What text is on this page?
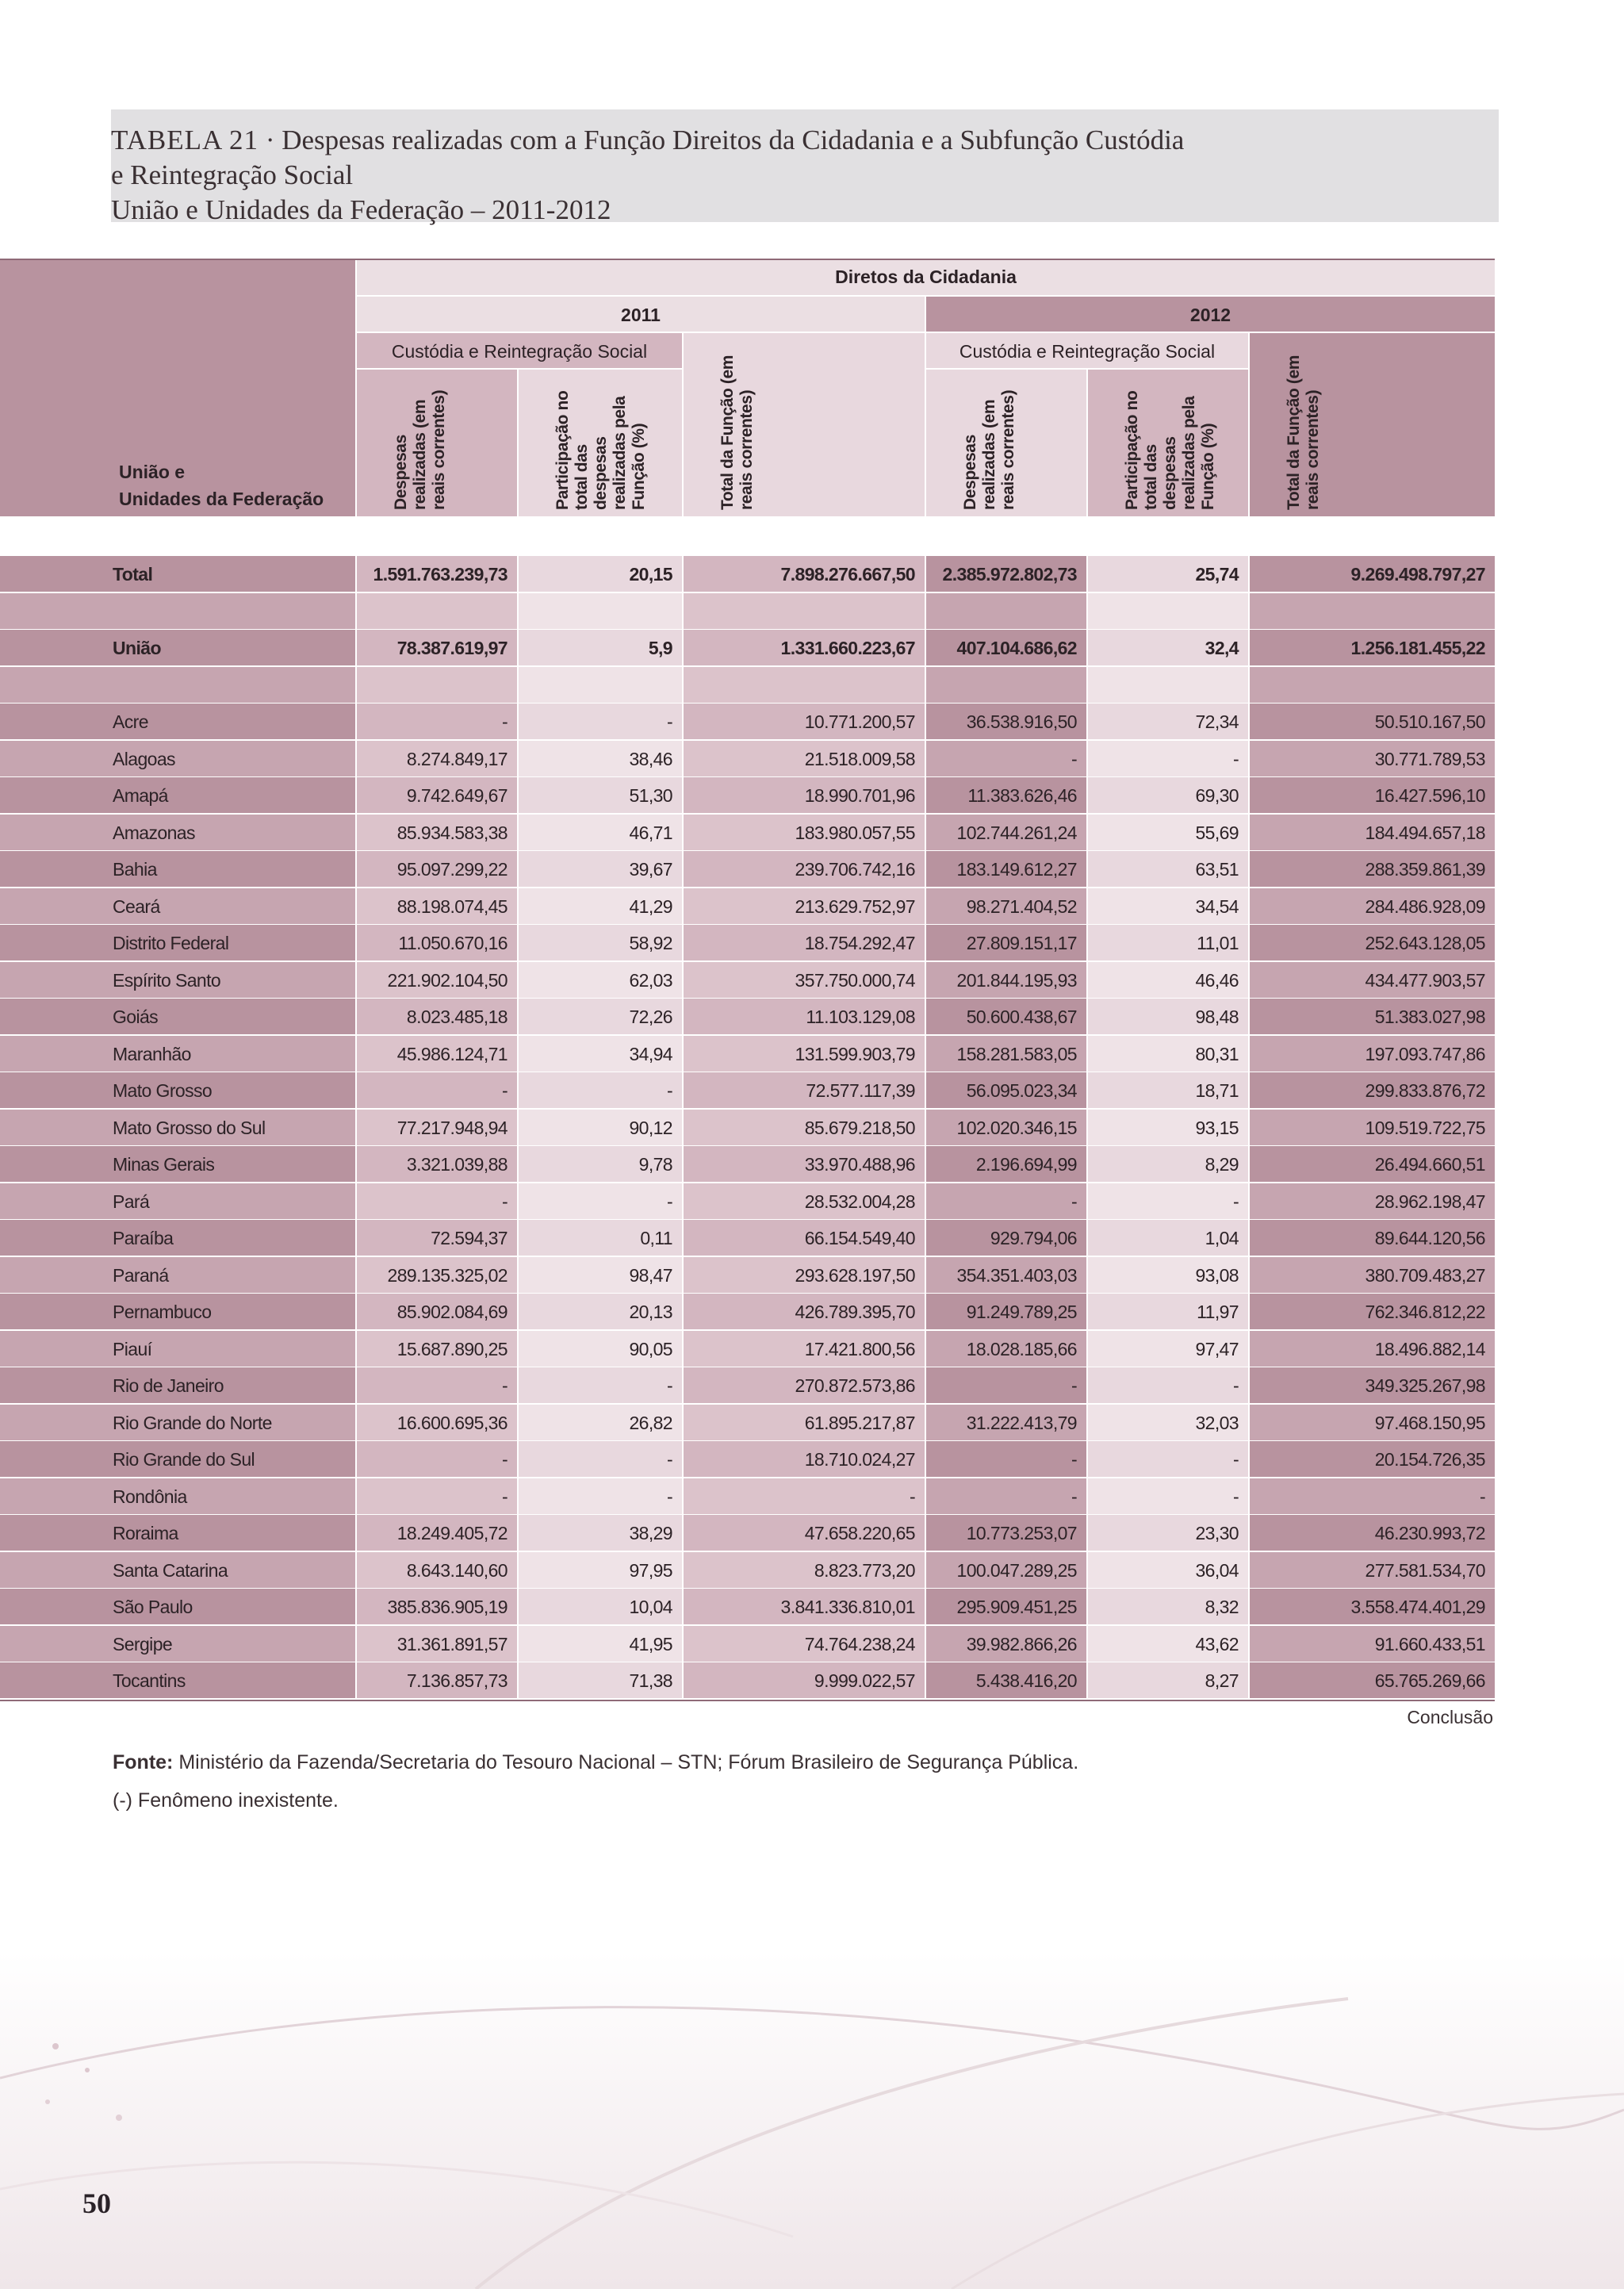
TABELA 21 · Despesas realizadas com a Função Direitos da Cidadania e a Subfunção Custódia
e Reintegração Social
União e Unidades da Federação – 2011-2012
União e
Unidades da Federação
Diretos da Cidadania
2011	2012
Custódia e Reintegração Social	Custódia e Reintegração Social
Despesas realizadas (em reais correntes)	Participação no total das despesas realizadas pela Função (%)	Total da Função (em reais correntes)	Despesas realizadas (em reais correntes)	Participação no total das despesas realizadas pela Função (%)	Total da Função (em reais correntes)
Total	1.591.763.239,73	20,15	7.898.276.667,50	2.385.972.802,73	25,74	9.269.498.797,27
União	78.387.619,97	5,9	1.331.660.223,67	407.104.686,62	32,4	1.256.181.455,22
Acre	-	-	10.771.200,57	36.538.916,50	72,34	50.510.167,50
Alagoas	8.274.849,17	38,46	21.518.009,58	-	-	30.771.789,53
Amapá	9.742.649,67	51,30	18.990.701,96	11.383.626,46	69,30	16.427.596,10
Amazonas	85.934.583,38	46,71	183.980.057,55	102.744.261,24	55,69	184.494.657,18
Bahia	95.097.299,22	39,67	239.706.742,16	183.149.612,27	63,51	288.359.861,39
Ceará	88.198.074,45	41,29	213.629.752,97	98.271.404,52	34,54	284.486.928,09
Distrito Federal	11.050.670,16	58,92	18.754.292,47	27.809.151,17	11,01	252.643.128,05
Espírito Santo	221.902.104,50	62,03	357.750.000,74	201.844.195,93	46,46	434.477.903,57
Goiás	8.023.485,18	72,26	11.103.129,08	50.600.438,67	98,48	51.383.027,98
Maranhão	45.986.124,71	34,94	131.599.903,79	158.281.583,05	80,31	197.093.747,86
Mato Grosso	-	-	72.577.117,39	56.095.023,34	18,71	299.833.876,72
Mato Grosso do Sul	77.217.948,94	90,12	85.679.218,50	102.020.346,15	93,15	109.519.722,75
Minas Gerais	3.321.039,88	9,78	33.970.488,96	2.196.694,99	8,29	26.494.660,51
Pará	-	-	28.532.004,28	-	-	28.962.198,47
Paraíba	72.594,37	0,11	66.154.549,40	929.794,06	1,04	89.644.120,56
Paraná	289.135.325,02	98,47	293.628.197,50	354.351.403,03	93,08	380.709.483,27
Pernambuco	85.902.084,69	20,13	426.789.395,70	91.249.789,25	11,97	762.346.812,22
Piauí	15.687.890,25	90,05	17.421.800,56	18.028.185,66	97,47	18.496.882,14
Rio de Janeiro	-	-	270.872.573,86	-	-	349.325.267,98
Rio Grande do Norte	16.600.695,36	26,82	61.895.217,87	31.222.413,79	32,03	97.468.150,95
Rio Grande do Sul	-	-	18.710.024,27	-	-	20.154.726,35
Rondônia	-	-	-	-	-	-
Roraima	18.249.405,72	38,29	47.658.220,65	10.773.253,07	23,30	46.230.993,72
Santa Catarina	8.643.140,60	97,95	8.823.773,20	100.047.289,25	36,04	277.581.534,70
São Paulo	385.836.905,19	10,04	3.841.336.810,01	295.909.451,25	8,32	3.558.474.401,29
Sergipe	31.361.891,57	41,95	74.764.238,24	39.982.866,26	43,62	91.660.433,51
Tocantins	7.136.857,73	71,38	9.999.022,57	5.438.416,20	8,27	65.765.269,66
Conclusão
Fonte: Ministério da Fazenda/Secretaria do Tesouro Nacional – STN; Fórum Brasileiro de Segurança Pública.
(-) Fenômeno inexistente.
50
